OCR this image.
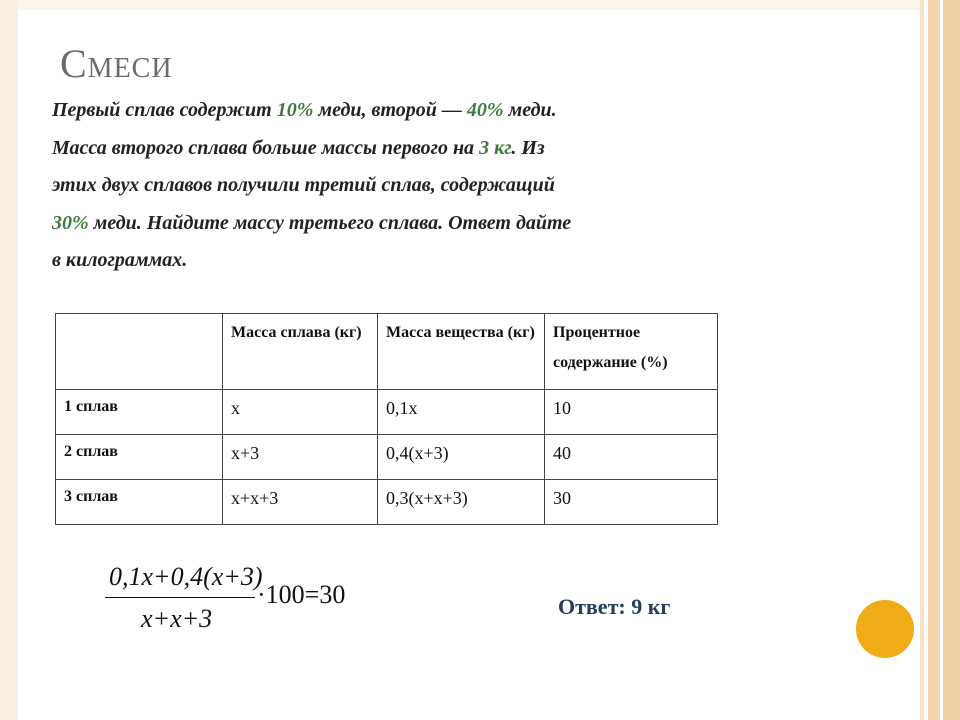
Смеси

Первый сплав содержит 10% меди, второй — 40% меди.
Масса второго сплава больше массы первого на 3 кг. Из
этих двух сплавов получили третий сплав, содержащий
30% меди. Найдите массу третьего сплава. Ответ дайте
в килограммах.

	Масса сплава (кг)	Масса вещества (кг)	Процентное содержание (%)
1 сплав	x	0,1x	10
2 сплав	x+3	0,4(x+3)	40
3 сплав	x+x+3	0,3(x+x+3)	30
0,1x+0,4(x+3)
x+x+3
·100=30	Ответ: 9 кг
